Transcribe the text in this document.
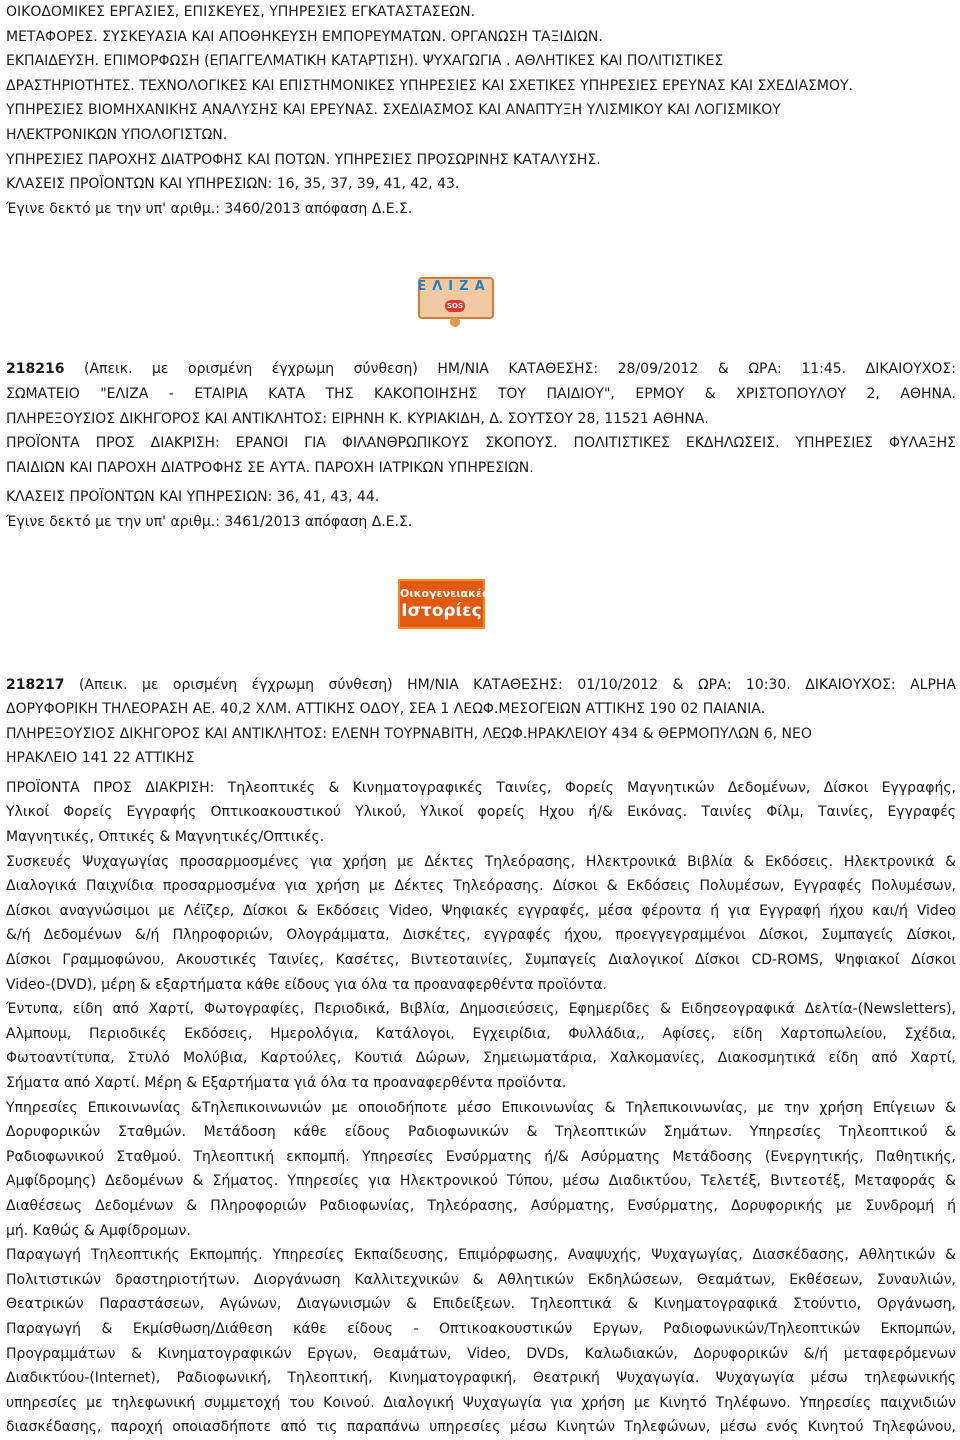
ΟΙΚΟΔΟΜΙΚΕΣ ΕΡΓΑΣΙΕΣ, ΕΠΙΣΚΕΥΕΣ, ΥΠΗΡΕΣΙΕΣ ΕΓΚΑΤΑΣΤΑΣΕΩΝ.
ΜΕΤΑΦΟΡΕΣ. ΣΥΣΚΕΥΑΣΙΑ ΚΑΙ ΑΠΟΘΗΚΕΥΣΗ ΕΜΠΟΡΕΥΜΑΤΩΝ. ΟΡΓΑΝΩΣΗ ΤΑΞΙΔΙΩΝ.
ΕΚΠΑΙΔΕΥΣΗ. ΕΠΙΜΟΡΦΩΣΗ (ΕΠΑΓΓΕΛΜΑΤΙΚΗ ΚΑΤΑΡΤΙΣΗ). ΨΥΧΑΓΩΓΙΑ . ΑΘΛΗΤΙΚΕΣ ΚΑΙ ΠΟΛΙΤΙΣΤΙΚΕΣ
ΔΡΑΣΤΗΡΙΟΤΗΤΕΣ. ΤΕΧΝΟΛΟΓΙΚΕΣ ΚΑΙ ΕΠΙΣΤΗΜΟΝΙΚΕΣ ΥΠΗΡΕΣΙΕΣ ΚΑΙ ΣΧΕΤΙΚΕΣ ΥΠΗΡΕΣΙΕΣ ΕΡΕΥΝΑΣ ΚΑΙ ΣΧΕΔΙΑΣΜΟΥ.
ΥΠΗΡΕΣΙΕΣ ΒΙΟΜΗΧΑΝΙΚΗΣ ΑΝΑΛΥΣΗΣ ΚΑΙ ΕΡΕΥΝΑΣ. ΣΧΕΔΙΑΣΜΟΣ ΚΑΙ ΑΝΑΠΤΥΞΗ ΥΛΙΣΜΙΚΟΥ ΚΑΙ ΛΟΓΙΣΜΙΚΟΥ
ΗΛΕΚΤΡΟΝΙΚΩΝ ΥΠΟΛΟΓΙΣΤΩΝ.
ΥΠΗΡΕΣΙΕΣ ΠΑΡΟΧΗΣ ΔΙΑΤΡΟΦΗΣ ΚΑΙ ΠΟΤΩΝ. ΥΠΗΡΕΣΙΕΣ ΠΡΟΣΩΡΙΝΗΣ ΚΑΤΑΛΥΣΗΣ.
ΚΛΑΣΕΙΣ ΠΡΟΪΟΝΤΩΝ ΚΑΙ ΥΠΗΡΕΣΙΩΝ: 16, 35, 37, 39, 41, 42, 43.
Έγινε δεκτό με την υπ' αριθμ.: 3460/2013 απόφαση Δ.Ε.Σ.
ΕΛΙΖΑ
SOS
218216 (Απεικ. με ορισμένη έγχρωμη σύνθεση) ΗΜ/ΝΙΑ ΚΑΤΑΘΕΣΗΣ: 28/09/2012 & ΩΡΑ: 11:45. ΔΙΚΑΙΟΥΧΟΣ:
ΣΩΜΑΤΕΙΟ "ΕΛΙΖΑ - ΕΤΑΙΡΙΑ ΚΑΤΑ ΤΗΣ ΚΑΚΟΠΟΙΗΣΗΣ ΤΟΥ ΠΑΙΔΙΟΥ", ΕΡΜΟΥ & ΧΡΙΣΤΟΠΟΥΛΟΥ 2, ΑΘΗΝΑ.
ΠΛΗΡΕΞΟΥΣΙΟΣ ΔΙΚΗΓΟΡΟΣ ΚΑΙ ΑΝΤΙΚΛΗΤΟΣ: ΕΙΡΗΝΗ Κ. ΚΥΡΙΑΚΙΔΗ, Δ. ΣΟΥΤΣΟΥ 28, 11521 ΑΘΗΝΑ.
ΠΡΟΪΟΝΤΑ ΠΡΟΣ ΔΙΑΚΡΙΣΗ: ΕΡΑΝΟΙ ΓΙΑ ΦΙΛΑΝΘΡΩΠΙΚΟΥΣ ΣΚΟΠΟΥΣ. ΠΟΛΙΤΙΣΤΙΚΕΣ ΕΚΔΗΛΩΣΕΙΣ. ΥΠΗΡΕΣΙΕΣ ΦΥΛΑΞΗΣ
ΠΑΙΔΙΩΝ ΚΑΙ ΠΑΡΟΧΗ ΔΙΑΤΡΟΦΗΣ ΣΕ ΑΥΤΑ. ΠΑΡΟΧΗ ΙΑΤΡΙΚΩΝ ΥΠΗΡΕΣΙΩΝ.
ΚΛΑΣΕΙΣ ΠΡΟΪΟΝΤΩΝ ΚΑΙ ΥΠΗΡΕΣΙΩΝ: 36, 41, 43, 44.
Έγινε δεκτό με την υπ' αριθμ.: 3461/2013 απόφαση Δ.Ε.Σ.
Οικογενειακές
Ιστορίες
218217 (Απεικ. με ορισμένη έγχρωμη σύνθεση) ΗΜ/ΝΙΑ ΚΑΤΑΘΕΣΗΣ: 01/10/2012 & ΩΡΑ: 10:30. ΔΙΚΑΙΟΥΧΟΣ: ALPHA
ΔΟΡΥΦΟΡΙΚΗ ΤΗΛΕΟΡΑΣΗ ΑΕ. 40,2 ΧΛΜ. ΑΤΤΙΚΗΣ ΟΔΟΥ, ΣΕΑ 1 ΛΕΩΦ.ΜΕΣΟΓΕΙΩΝ ΑΤΤΙΚΗΣ 190 02 ΠΑΙΑΝΙΑ.
ΠΛΗΡΕΞΟΥΣΙΟΣ ΔΙΚΗΓΟΡΟΣ ΚΑΙ ΑΝΤΙΚΛΗΤΟΣ: ΕΛΕΝΗ ΤΟΥΡΝΑΒΙΤΗ, ΛΕΩΦ.ΗΡΑΚΛΕΙΟΥ 434 & ΘΕΡΜΟΠΥΛΩΝ 6, ΝΕΟ
ΗΡΑΚΛΕΙΟ 141 22 ΑΤΤΙΚΗΣ
ΠΡΟΪΟΝΤΑ ΠΡΟΣ ΔΙΑΚΡΙΣΗ: Τηλεοπτικές & Κινηματογραφικές Ταινίες, Φορείς Μαγνητικών Δεδομένων, Δίσκοι Εγγραφής,
Υλικοί Φορείς Εγγραφής Οπτικοακουστικού Υλικού, Υλικοί φορείς Ηχου ή/& Εικόνας. Ταινίες Φίλμ, Ταινίες, Εγγραφές
Μαγνητικές, Οπτικές & Μαγνητικές/Οπτικές.
Συσκευές Ψυχαγωγίας προσαρμοσμένες για χρήση με Δέκτες Τηλεόρασης, Ηλεκτρονικά Βιβλία & Εκδόσεις. Ηλεκτρονικά &
Διαλογικά Παιχνίδια προσαρμοσμένα για χρήση με Δέκτες Τηλεόρασης. Δίσκοι & Εκδόσεις Πολυμέσων, Εγγραφές Πολυμέσων,
Δίσκοι αναγνώσιμοι με Λέϊζερ, Δίσκοι & Εκδόσεις Video, Ψηφιακές εγγραφές, μέσα φέροντα ή για Εγγραφή ήχου και/ή Video
&/ή Δεδομένων &/ή Πληροφοριών, Ολογράμματα, Δισκέτες, εγγραφές ήχου, προεγγεγραμμένοι Δίσκοι, Συμπαγείς Δίσκοι,
Δίσκοι Γραμμοφώνου, Ακουστικές Ταινίες, Κασέτες, Βιντεοταινίες, Συμπαγείς Διαλογικοί Δίσκοι CD-ROMS, Ψηφιακοί Δίσκοι
Video-(DVD), μέρη & εξαρτήματα κάθε είδους για όλα τα προαναφερθέντα προϊόντα.
Έντυπα, είδη από Χαρτί, Φωτογραφίες, Περιοδικά, Βιβλία, Δημοσιεύσεις, Εφημερίδες & Ειδησεογραφικά Δελτία-(Newsletters),
Αλμπουμ, Περιοδικές Εκδόσεις, Ημερολόγια, Κατάλογοι, Εγχειρίδια, Φυλλάδια,, Αφίσες, είδη Χαρτοπωλείου, Σχέδια,
Φωτοαντίτυπα, Στυλό Μολύβια, Καρτούλες, Κουτιά Δώρων, Σημειωματάρια, Χαλκομανίες, Διακοσμητικά είδη από Χαρτί,
Σήματα από Χαρτί. Μέρη & Εξαρτήματα γιά όλα τα προαναφερθέντα προϊόντα.
Υπηρεσίες Επικοινωνίας &Τηλεπικοινωνιών με οποιοδήποτε μέσο Επικοινωνίας & Τηλεπικοινωνίας, με την χρήση Επίγειων &
Δορυφορικών Σταθμών. Μετάδοση κάθε είδους Ραδιοφωνικών & Τηλεοπτικών Σημάτων. Υπηρεσίες Τηλεοπτικού &
Ραδιοφωνικού Σταθμού. Τηλεοπτική εκπομπή. Υπηρεσίες Ενσύρματης ή/& Ασύρματης Μετάδοσης (Ενεργητικής, Παθητικής,
Αμφίδρομης) Δεδομένων & Σήματος. Υπηρεσίες για Ηλεκτρονικού Τύπου, μέσω Διαδικτύου, Τελετέξ, Βιντεοτέξ, Μεταφοράς &
Διαθέσεως Δεδομένων & Πληροφοριών Ραδιοφωνίας, Τηλεόρασης, Ασύρματης, Ενσύρματης, Δορυφορικής με Συνδρομή ή
μή. Καθώς & Αμφίδρομων.
Παραγωγή Τηλεοπτικής Εκπομπής. Υπηρεσίες Εκπαίδευσης, Επιμόρφωσης, Αναψυχής, Ψυχαγωγίας, Διασκέδασης, Αθλητικών &
Πολιτιστικών δραστηριοτήτων. Διοργάνωση Καλλιτεχνικών & Αθλητικών Εκδηλώσεων, Θεαμάτων, Εκθέσεων, Συναυλιών,
Θεατρικών Παραστάσεων, Αγώνων, Διαγωνισμών & Επιδείξεων. Τηλεοπτικά & Κινηματογραφικά Στούντιο, Οργάνωση,
Παραγωγή & Εκμίσθωση/Διάθεση κάθε είδους - Οπτικοακουστικών Εργων, Ραδιοφωνικών/Τηλεοπτικών Εκπομπών,
Προγραμμάτων & Κινηματογραφικών Εργων, Θεαμάτων, Video, DVDs, Καλωδιακών, Δορυφορικών &/ή μεταφερόμενων
Διαδικτύου-(Internet), Ραδιοφωνική, Τηλεοπτική, Κινηματογραφική, Θεατρική Ψυχαγωγία. Ψυχαγωγία μέσω τηλεφωνικής
υπηρεσίες με τηλεφωνική συμμετοχή του Κοινού. Διαλογική Ψυχαγωγία για χρήση με Κινητό Τηλέφωνο. Υπηρεσίες παιχνιδιών
διασκέδασης, παροχή οποιασδήποτε από τις παραπάνω υπηρεσίες μέσω Κινητών Τηλεφώνων, μέσω ενός Κινητού Τηλεφώνου,
